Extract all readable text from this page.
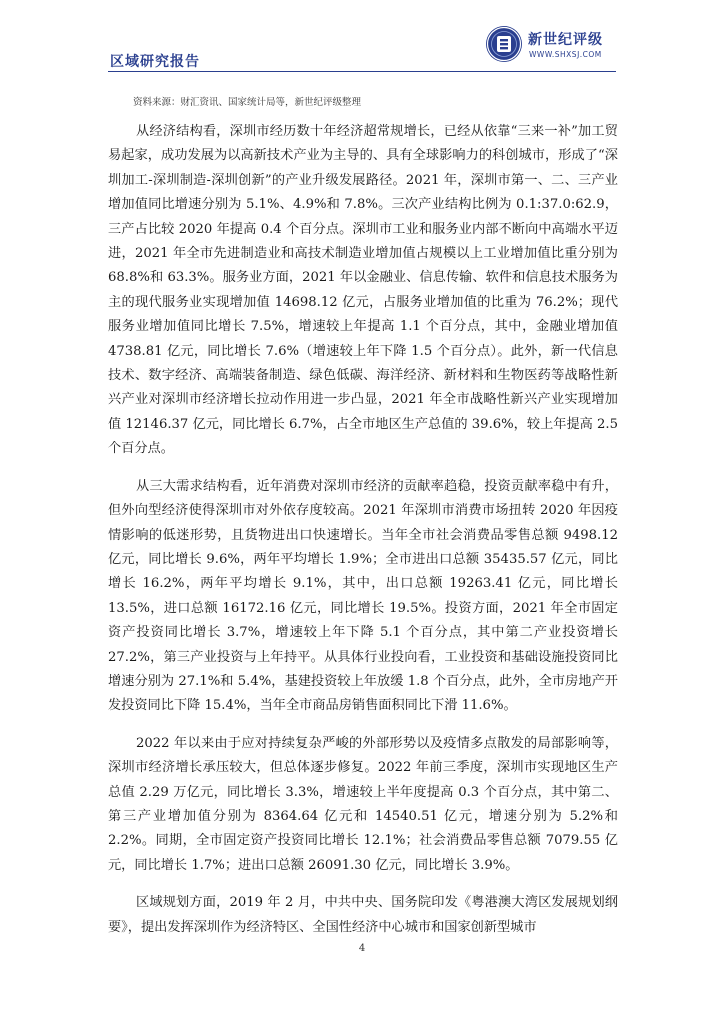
区域研究报告
新世纪评级
WWW.SHXSJ.COM
资料来源：财汇资讯、国家统计局等，新世纪评级整理

从经济结构看，深圳市经历数十年经济超常规增长，已经从依靠“三来一补”加工贸易起家，成功发展为以高新技术产业为主导的、具有全球影响力的科创城市，形成了“深圳加工-深圳制造-深圳创新”的产业升级发展路径。2021 年，深圳市第一、二、三产业增加值同比增速分别为 5.1%、4.9%和 7.8%。三次产业结构比例为 0.1:37.0:62.9，三产占比较 2020 年提高 0.4 个百分点。深圳市工业和服务业内部不断向中高端水平迈进，2021 年全市先进制造业和高技术制造业增加值占规模以上工业增加值比重分别为 68.8%和 63.3%。服务业方面，2021 年以金融业、信息传输、软件和信息技术服务为主的现代服务业实现增加值 14698.12 亿元，占服务业增加值的比重为 76.2%；现代服务业增加值同比增长 7.5%，增速较上年提高 1.1 个百分点，其中，金融业增加值 4738.81 亿元，同比增长 7.6%（增速较上年下降 1.5 个百分点）。此外，新一代信息技术、数字经济、高端装备制造、绿色低碳、海洋经济、新材料和生物医药等战略性新兴产业对深圳市经济增长拉动作用进一步凸显，2021 年全市战略性新兴产业实现增加值 12146.37 亿元，同比增长 6.7%，占全市地区生产总值的 39.6%，较上年提高 2.5 个百分点。

从三大需求结构看，近年消费对深圳市经济的贡献率趋稳，投资贡献率稳中有升，但外向型经济使得深圳市对外依存度较高。2021 年深圳市消费市场扭转 2020 年因疫情影响的低迷形势，且货物进出口快速增长。当年全市社会消费品零售总额 9498.12 亿元，同比增长 9.6%，两年平均增长 1.9%；全市进出口总额 35435.57 亿元，同比增长 16.2%，两年平均增长 9.1%，其中，出口总额 19263.41 亿元，同比增长 13.5%，进口总额 16172.16 亿元，同比增长 19.5%。投资方面，2021 年全市固定资产投资同比增长 3.7%，增速较上年下降 5.1 个百分点，其中第二产业投资增长 27.2%，第三产业投资与上年持平。从具体行业投向看，工业投资和基础设施投资同比增速分别为 27.1%和 5.4%，基建投资较上年放缓 1.8 个百分点，此外，全市房地产开发投资同比下降 15.4%，当年全市商品房销售面积同比下滑 11.6%。

2022 年以来由于应对持续复杂严峻的外部形势以及疫情多点散发的局部影响等，深圳市经济增长承压较大，但总体逐步修复。2022 年前三季度，深圳市实现地区生产总值 2.29 万亿元，同比增长 3.3%，增速较上半年度提高 0.3 个百分点，其中第二、第三产业增加值分别为 8364.64 亿元和 14540.51 亿元，增速分别为 5.2%和 2.2%。同期，全市固定资产投资同比增长 12.1%；社会消费品零售总额 7079.55 亿元，同比增长 1.7%；进出口总额 26091.30 亿元，同比增长 3.9%。

区域规划方面，2019 年 2 月，中共中央、国务院印发《粤港澳大湾区发展规划纲要》，提出发挥深圳作为经济特区、全国性经济中心城市和国家创新型城市

4
